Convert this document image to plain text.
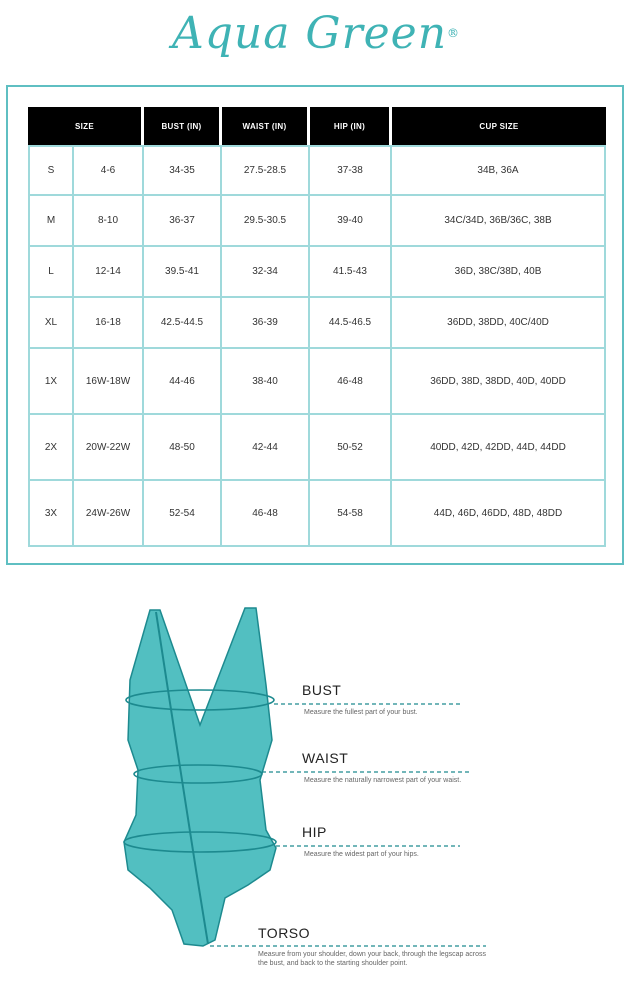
Aqua Green®
SIZE		BUST (IN)	WAIST (IN)	HIP (IN)	CUP SIZE
S	4-6	34-35	27.5-28.5	37-38	34B, 36A
M	8-10	36-37	29.5-30.5	39-40	34C/34D, 36B/36C, 38B
L	12-14	39.5-41	32-34	41.5-43	36D, 38C/38D, 40B
XL	16-18	42.5-44.5	36-39	44.5-46.5	36DD, 38DD, 40C/40D
1X	16W-18W	44-46	38-40	46-48	36DD, 38D, 38DD, 40D, 40DD
2X	20W-22W	48-50	42-44	50-52	40DD, 42D, 42DD, 44D, 44DD
3X	24W-26W	52-54	46-48	54-58	44D, 46D, 46DD, 48D, 48DD
BUST
Measure the fullest part of your bust.
WAIST
Measure the naturally narrowest part of your waist.
HIP
Measure the widest part of your hips.
TORSO
Measure from your shoulder, down your back, through the legscap across the bust, and back to the starting shoulder point.
